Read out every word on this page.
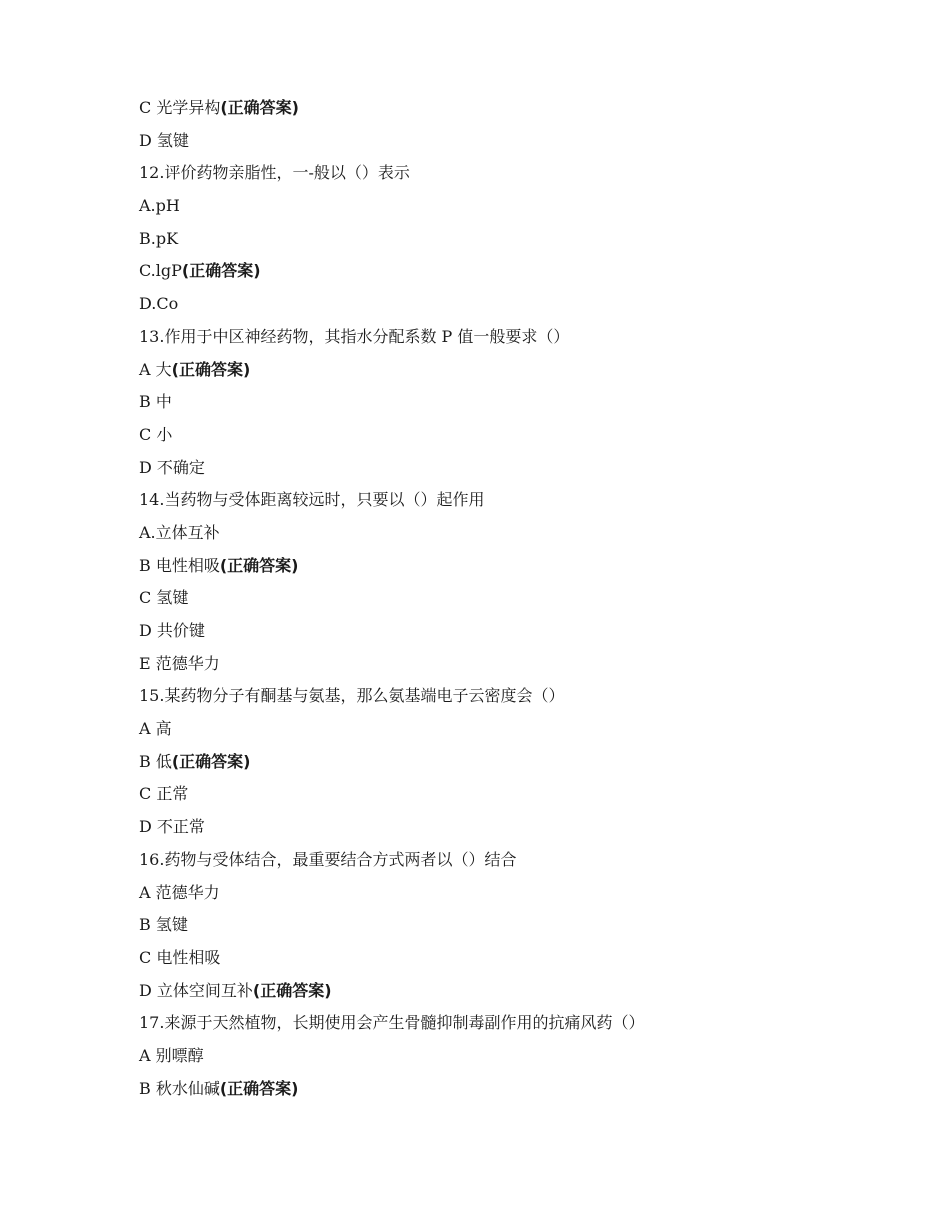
C 光学异构(正确答案)
D 氢键
12.评价药物亲脂性，一-般以（）表示
A.pH
B.pK
C.lgP(正确答案)
D.Co
13.作用于中区神经药物，其指水分配系数 P 值一般要求（）
A 大(正确答案)
B 中
C 小
D 不确定
14.当药物与受体距离较远时，只要以（）起作用
A.立体互补
B 电性相吸(正确答案)
C 氢键
D 共价键
E 范德华力
15.某药物分子有酮基与氨基，那么氨基端电子云密度会（）
A 高
B 低(正确答案)
C 正常
D 不正常
16.药物与受体结合，最重要结合方式两者以（）结合
A 范德华力
B 氢键
C 电性相吸
D 立体空间互补(正确答案)
17.来源于天然植物，长期使用会产生骨髓抑制毒副作用的抗痛风药（）
A 别嘌醇
B 秋水仙碱(正确答案)
